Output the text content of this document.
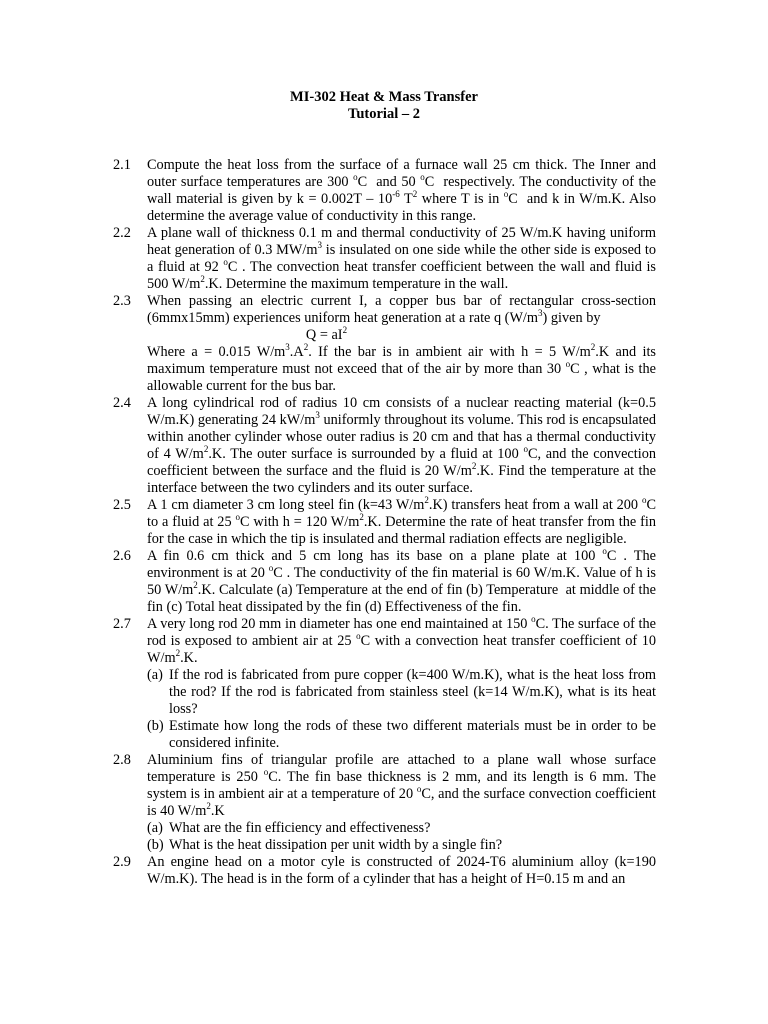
MI-302 Heat & Mass Transfer
Tutorial – 2
2.1	Compute the heat loss from the surface of a furnace wall 25 cm thick. The Inner and outer surface temperatures are 300 $^o$C  and 50 $^o$C  respectively. The conductivity of the wall material is given by $k = 0.002T - 10^{-6}$ $T^2$ where T is in $^o$C  and k in W/m.K. Also determine the average value of conductivity in this range.
2.2	A plane wall of thickness 0.1 m and thermal conductivity of 25 W/m.K having uniform heat generation of 0.3 $MW/m^3$ is insulated on one side while the other side is exposed to a fluid at 92 $^o$C . The convection heat transfer coefficient between the wall and fluid is 500 $W/m^2.K$. Determine the maximum temperature in the wall.
2.3	When passing an electric current I, a copper bus bar of rectangular cross-section (6mmx15mm) experiences uniform heat generation at a rate q $(W/m^3)$ given by
$Q = aI^2$
Where a = 0.015 $W/m^3.A^2$. If the bar is in ambient air with h = 5 $W/m^2.K$ and its maximum temperature must not exceed that of the air by more than 30 $^o$C , what is the allowable current for the bus bar.
2.4	A long cylindrical rod of radius 10 cm consists of a nuclear reacting material (k=0.5 W/m.K) generating 24 $kW/m^3$ uniformly throughout its volume. This rod is encapsulated within another cylinder whose outer radius is 20 cm and that has a thermal conductivity of 4 $W/m^2.K$. The outer surface is surrounded by a fluid at 100 $^o$C, and the convection coefficient between the surface and the fluid is 20 $W/m^2.K$. Find the temperature at the interface between the two cylinders and its outer surface.
2.5	A 1 cm diameter 3 cm long steel fin (k=43 $W/m^2.K$) transfers heat from a wall at 200 $^o$C to a fluid at 25 $^o$C with h = 120 $W/m^2.K$. Determine the rate of heat transfer from the fin for the case in which the tip is insulated and thermal radiation effects are negligible.
2.6	A fin 0.6 cm thick and 5 cm long has its base on a plane plate at 100 $^o$C . The environment is at 20 $^o$C . The conductivity of the fin material is 60 W/m.K. Value of h is 50 $W/m^2.K$. Calculate (a) Temperature at the end of fin (b) Temperature  at middle of the fin (c) Total heat dissipated by the fin (d) Effectiveness of the fin.
2.7	A very long rod 20 mm in diameter has one end maintained at 150 $^o$C. The surface of the rod is exposed to ambient air at 25 $^o$C with a convection heat transfer coefficient of 10 $W/m^2.K$.
(a) If the rod is fabricated from pure copper (k=400 W/m.K), what is the heat loss from the rod? If the rod is fabricated from stainless steel (k=14 W/m.K), what is its heat loss?
(b) Estimate how long the rods of these two different materials must be in order to be considered infinite.
2.8	Aluminium fins of triangular profile are attached to a plane wall whose surface temperature is 250 $^o$C. The fin base thickness is 2 mm, and its length is 6 mm. The system is in ambient air at a temperature of 20 $^o$C, and the surface convection coefficient is 40 $W/m^2.K$
(a) What are the fin efficiency and effectiveness?
(b) What is the heat dissipation per unit width by a single fin?
2.9	An engine head on a motor cyle is constructed of 2024-T6 aluminium alloy (k=190 W/m.K). The head is in the form of a cylinder that has a height of H=0.15 m and an
